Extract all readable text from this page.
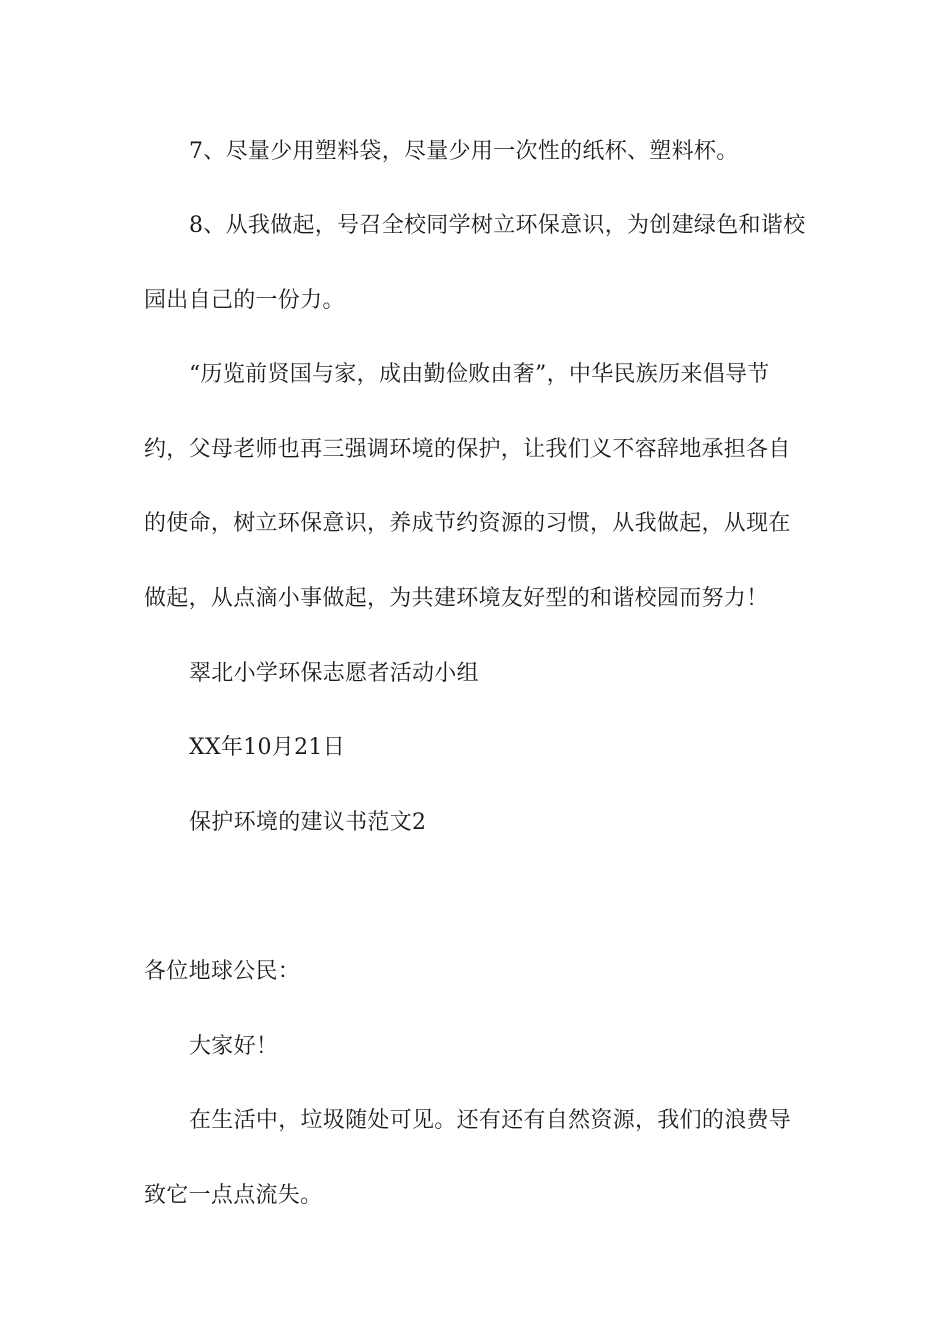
7、尽量少用塑料袋，尽量少用一次性的纸杯、塑料杯。
8、从我做起，号召全校同学树立环保意识，为创建绿色和谐校
园出自己的一份力。
“历览前贤国与家，成由勤俭败由奢”，中华民族历来倡导节
约，父母老师也再三强调环境的保护，让我们义不容辞地承担各自
的使命，树立环保意识，养成节约资源的习惯，从我做起，从现在
做起，从点滴小事做起，为共建环境友好型的和谐校园而努力！
翠北小学环保志愿者活动小组
XX年10月21日
保护环境的建议书范文2
各位地球公民：
大家好！
在生活中，垃圾随处可见。还有还有自然资源，我们的浪费导
致它一点点流失。
